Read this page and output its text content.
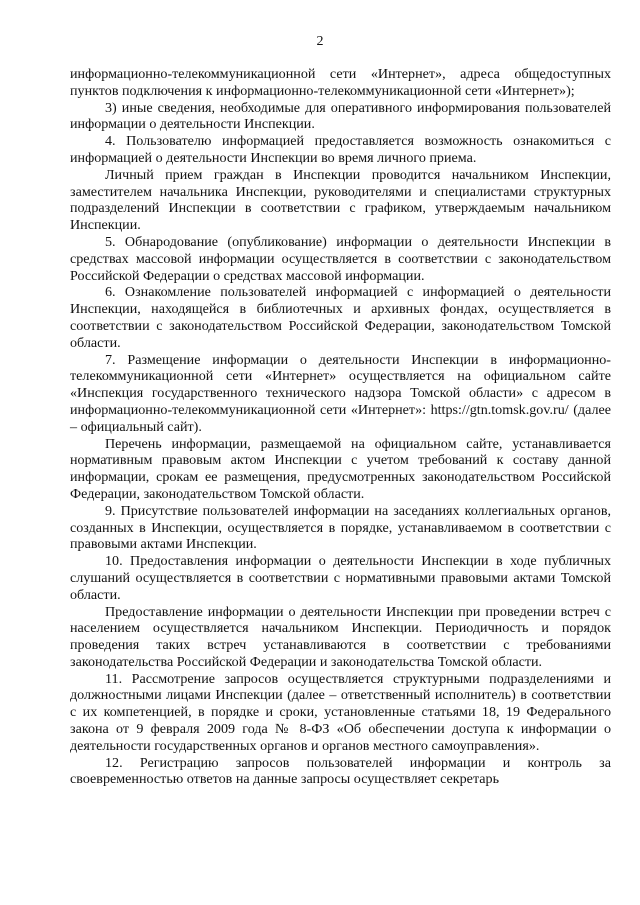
2

информационно-телекоммуникационной сети «Интернет», адреса общедоступных пунктов подключения к информационно-телекоммуникационной сети «Интернет»);

3) иные сведения, необходимые для оперативного информирования пользователей информации о деятельности Инспекции.

4. Пользователю информацией предоставляется возможность ознакомиться с информацией о деятельности Инспекции во время личного приема.

Личный прием граждан в Инспекции проводится начальником Инспекции, заместителем начальника Инспекции, руководителями и специалистами структурных подразделений Инспекции в соответствии с графиком, утверждаемым начальником Инспекции.

5. Обнародование (опубликование) информации о деятельности Инспекции в средствах массовой информации осуществляется в соответствии с законодательством Российской Федерации о средствах массовой информации.

6. Ознакомление пользователей информацией с информацией о деятельности Инспекции, находящейся в библиотечных и архивных фондах, осуществляется в соответствии с законодательством Российской Федерации, законодательством Томской области.

7. Размещение информации о деятельности Инспекции в информационно-телекоммуникационной сети «Интернет» осуществляется на официальном сайте «Инспекция государственного технического надзора Томской области» с адресом в информационно-телекоммуникационной сети «Интернет»: https://gtn.tomsk.gov.ru/ (далее – официальный сайт).

Перечень информации, размещаемой на официальном сайте, устанавливается нормативным правовым актом Инспекции с учетом требований к составу данной информации, срокам ее размещения, предусмотренных законодательством Российской Федерации, законодательством Томской области.

9. Присутствие пользователей информации на заседаниях коллегиальных органов, созданных в Инспекции, осуществляется в порядке, устанавливаемом в соответствии с правовыми актами Инспекции.

10. Предоставления информации о деятельности Инспекции в ходе публичных слушаний осуществляется в соответствии с нормативными правовыми актами Томской области.

Предоставление информации о деятельности Инспекции при проведении встреч с населением осуществляется начальником Инспекции. Периодичность и порядок проведения таких встреч устанавливаются в соответствии с требованиями законодательства Российской Федерации и законодательства Томской области.

11. Рассмотрение запросов осуществляется структурными подразделениями и должностными лицами Инспекции (далее – ответственный исполнитель) в соответствии с их компетенцией, в порядке и сроки, установленные статьями 18, 19 Федерального закона от 9 февраля 2009 года № 8-ФЗ «Об обеспечении доступа к информации о деятельности государственных органов и органов местного самоуправления».

12. Регистрацию запросов пользователей информации и контроль за своевременностью ответов на данные запросы осуществляет секретарь
